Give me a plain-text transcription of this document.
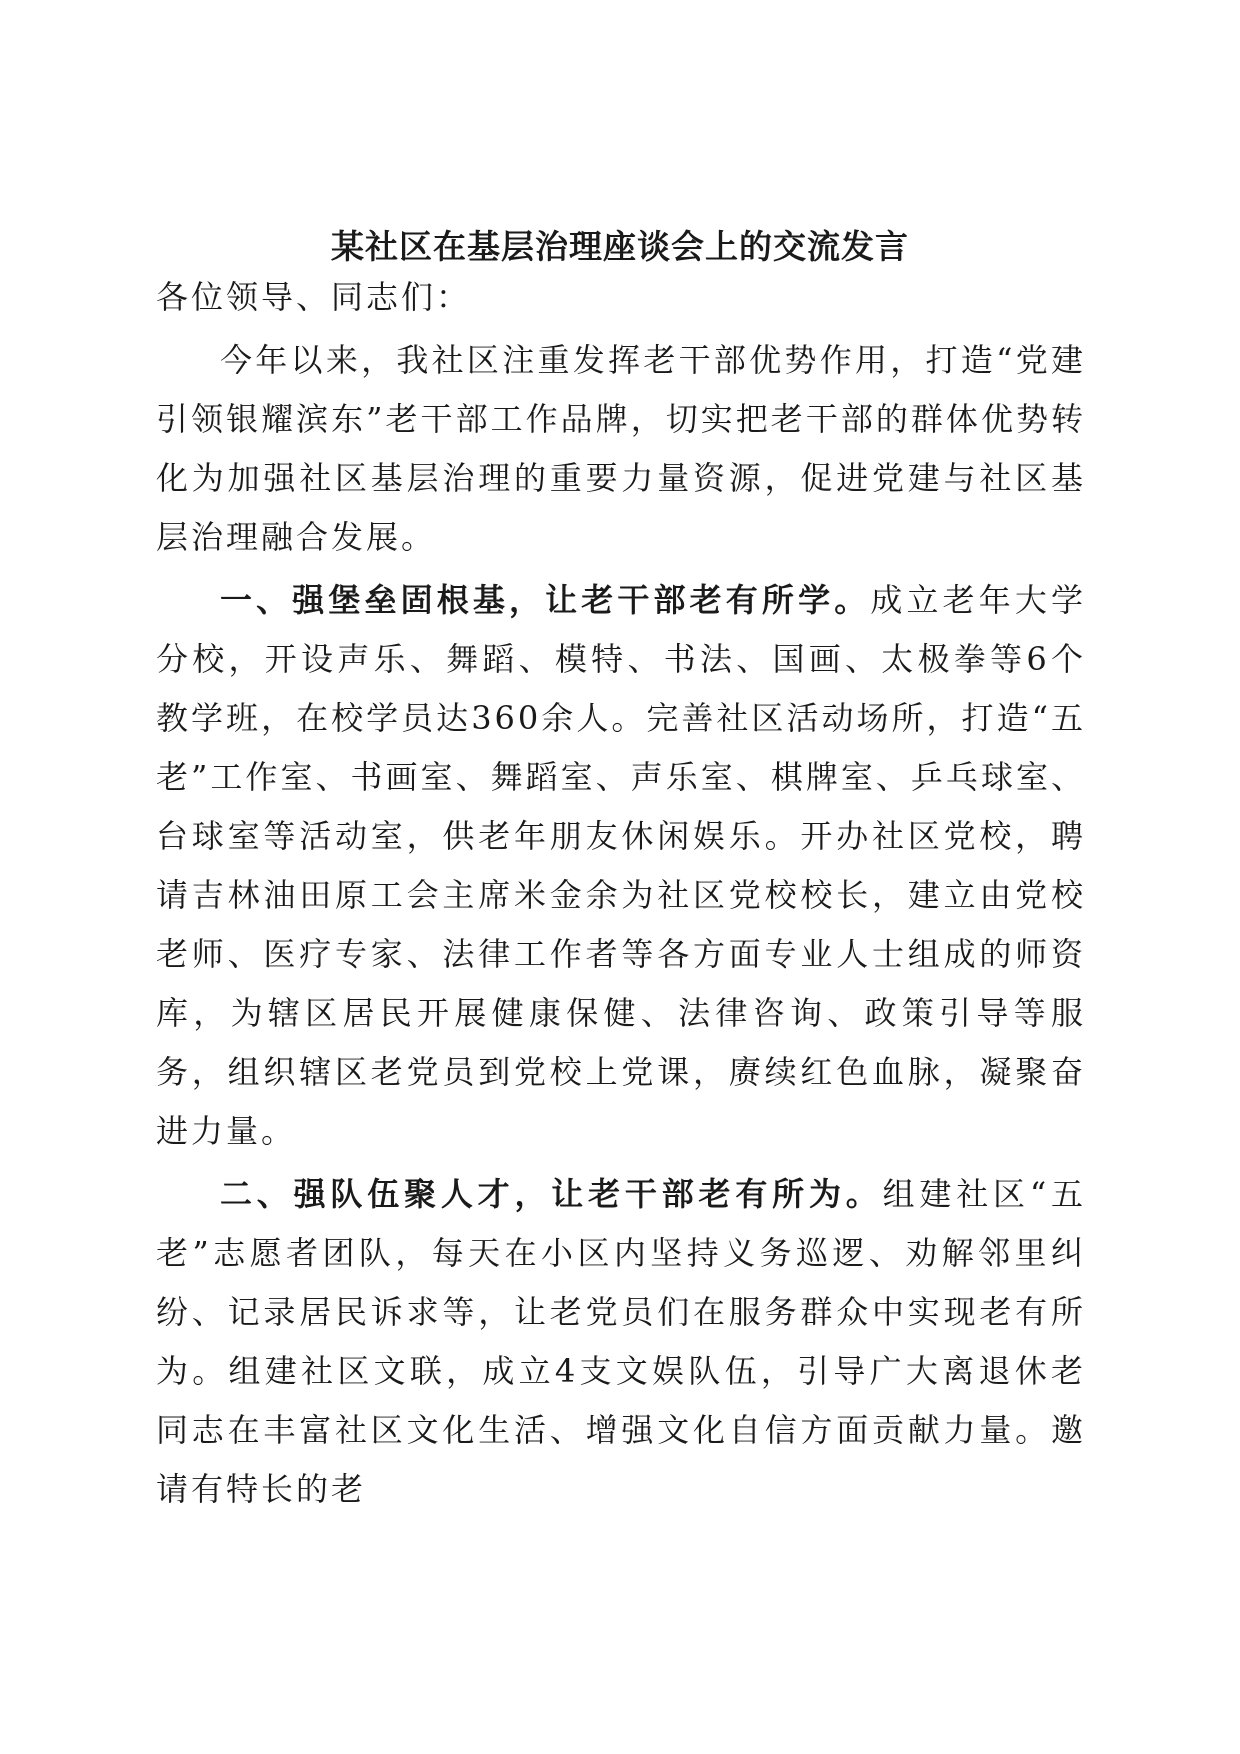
某社区在基层治理座谈会上的交流发言

各位领导、同志们：

今年以来，我社区注重发挥老干部优势作用，打造“党建引领银耀滨东”老干部工作品牌，切实把老干部的群体优势转化为加强社区基层治理的重要力量资源，促进党建与社区基层治理融合发展。

一、强堡垒固根基，让老干部老有所学。成立老年大学分校，开设声乐、舞蹈、模特、书法、国画、太极拳等6个教学班，在校学员达360余人。完善社区活动场所，打造“五老”工作室、书画室、舞蹈室、声乐室、棋牌室、乒乓球室、台球室等活动室，供老年朋友休闲娱乐。开办社区党校，聘请吉林油田原工会主席米金余为社区党校校长，建立由党校老师、医疗专家、法律工作者等各方面专业人士组成的师资库，为辖区居民开展健康保健、法律咨询、政策引导等服务，组织辖区老党员到党校上党课，赓续红色血脉，凝聚奋进力量。

二、强队伍聚人才，让老干部老有所为。组建社区“五老”志愿者团队，每天在小区内坚持义务巡逻、劝解邻里纠纷、记录居民诉求等，让老党员们在服务群众中实现老有所为。组建社区文联，成立4支文娱队伍，引导广大离退休老同志在丰富社区文化生活、增强文化自信方面贡献力量。邀请有特长的老
